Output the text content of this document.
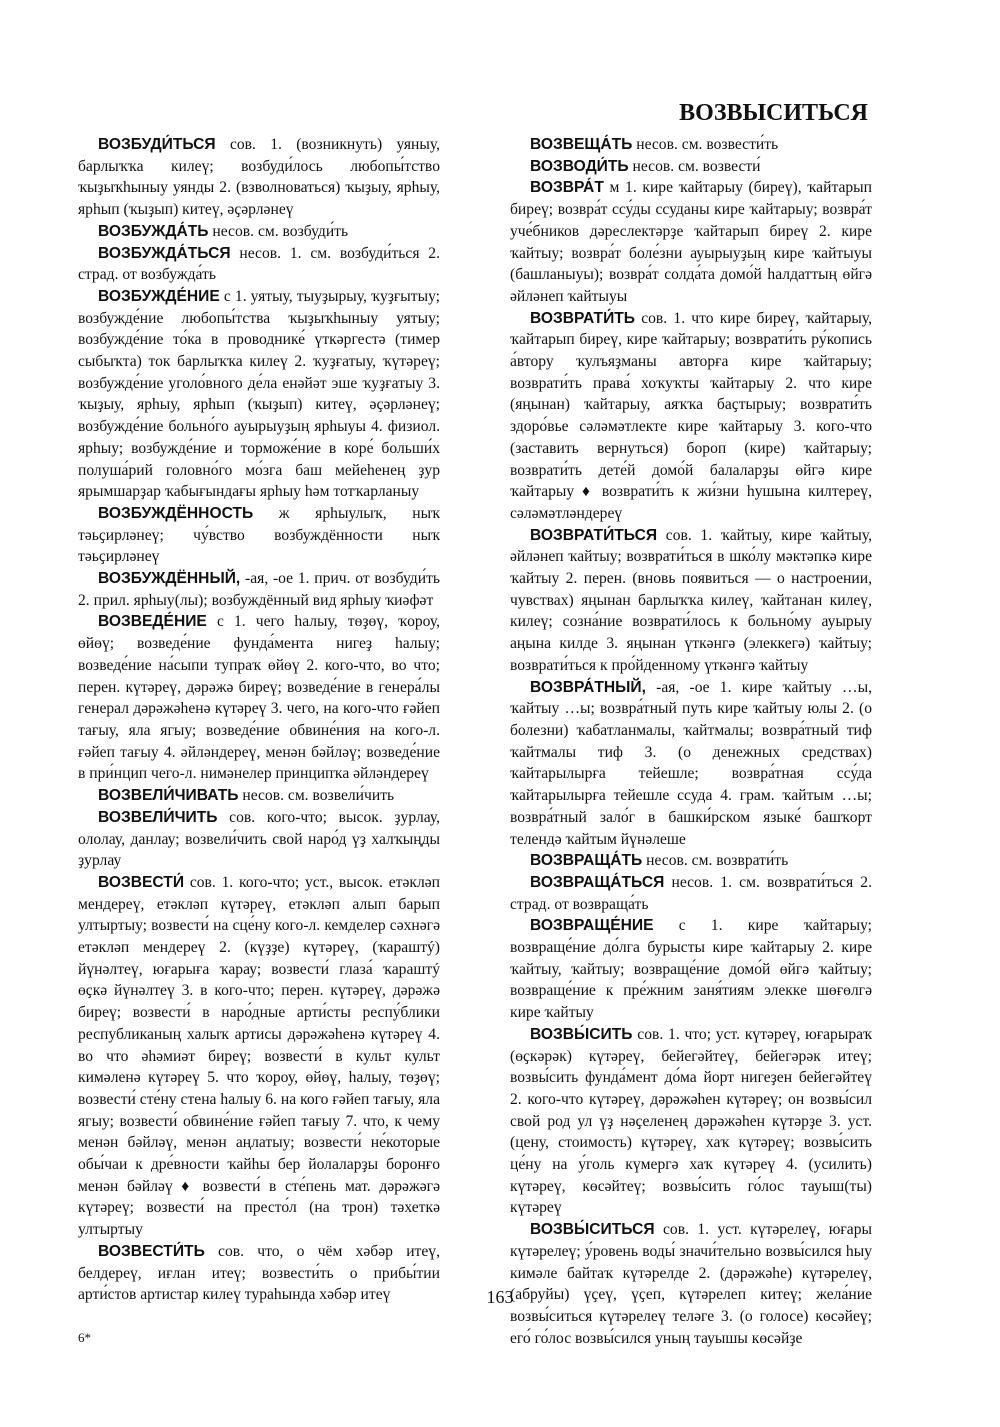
ВОЗВЫСИТЬСЯ

ВОЗБУДИ́ТЬСЯ сов. 1. (возникнуть) уяныу, барлыҡҡа килеү; возбуди́лось любопы́тство ҡыҙыҡһыныу уянды 2. (взволноваться) ҡыҙыу, ярһыу, ярһып (ҡыҙып) китеү, әҫәрләнеү

ВОЗБУЖДА́ТЬ несов. см. возбуди́ть

ВОЗБУЖДА́ТЬСЯ несов. 1. см. возбуди́ться 2. страд. от возбужда́ть

ВОЗБУЖДЕ́НИЕ с 1. уятыу, тыуҙырыу, ҡуҙғытыу; возбужде́ние любопы́тства ҡыҙыҡһыныу уятыу; возбужде́ние то́ка в проводнике́ үткәргестә (тимер сыбыҡта) ток барлыҡҡа килеү 2. ҡуҙғатыу, ҡүтәреү; возбужде́ние уголо́вного де́ла енәйәт эше ҡуҙғатыу 3. ҡыҙыу, ярһыу, ярһып (ҡыҙып) китеү, әҫәрләнеү; возбужде́ние больно́го ауырыуҙың ярһыуы 4. физиол. ярһыу; возбужде́ние и торможе́ние в коре́ больши́х полуша́рий головно́го мо́зга баш мейеһенең ҙур ярымшарҙар ҡабығындағы ярһыу һәм тотҡарланыу

ВОЗБУЖДЁННОСТЬ ж ярһыулыҡ, ныҡ тәьҫирләнеү; чу́вство возбуждённости ныҡ тәьҫирләнеү

ВОЗБУЖДЁННЫЙ, -ая, -ое 1. прич. от возбуди́ть 2. прил. ярһыу(лы); возбуждённый вид ярһыу ҡиәфәт

ВОЗВЕДЕ́НИЕ с 1. чего һалыу, төҙөү, ҡороу, өйөү; возведе́ние фунда́мента нигеҙ һалыу; возведе́ние на́сыпи тупраҡ өйөү 2. кого-что, во что; перен. күтәреү, дәрәжә биреү; возведе́ние в генера́лы генерал дәрәжәһенә күтәреү 3. чего, на кого-что ғәйеп тағыу, яла ягыу; возведе́ние обвине́ния на кого-л. ғәйеп тағыу 4. әйләндереү, менән бәйләү; возведе́ние в при́нцип чего-л. нимәнелер принципҡа әйләндереү

ВОЗВЕЛИ́ЧИВАТЬ несов. см. возвели́чить

ВОЗВЕЛИ́ЧИТЬ сов. кого-что; высок. ҙурлау, ололау, данлау; возвели́чить свой наро́д үҙ халҡыңды ҙурлау

ВОЗВЕСТИ́ сов. 1. кого-что; уст., высок. етәкләп мендереү, етәкләп күтәреү, етәкләп алып барып ултыртыу; возвести́ на сце́ну кого-л. кемделер сәхнәгә етәкләп мендереү 2. (күҙҙе) күтәреү, (ҡараштý) йүнәлтеү, юғарыға ҡарау; возвести́ глаза́ ҡараштý өҫкә йүнәлтеү 3. в кого-что; перен. күтәреү, дәрәжә биреү; возвести́ в наро́дные арти́сты респу́блики республиканың халыҡ артисы дәрәжәһенә күтәреү 4. во что әһәмиәт биреү; возвести́ в культ культ кимәленә күтәреү 5. что ҡороу, өйөү, һалыу, төҙөү; возвести́ сте́ну стена һалыу 6. на кого ғәйеп тағыу, яла ягыу; возвести́ обвине́ние ғәйеп тағыу 7. что, к чему менән бәйләү, менән аңлатыу; возвести́ не́которые обы́чаи к дре́вности ҡайһы бер йолаларҙы боронғо менән бәйләү ♦ возвести́ в сте́пень мат. дәрәжәгә күтәреү; возвести́ на престо́л (на трон) тәхеткә ултыртыу

ВОЗВЕСТИ́ТЬ сов. что, о чём хәбәр итеү, белдереү, иғлан итеү; возвести́ть о прибы́тии арти́стов артистар килеү тураһында хәбәр итеү

ВОЗВЕЩА́ТЬ несов. см. возвести́ть

ВОЗВОДИ́ТЬ несов. см. возвести́

ВОЗВРА́Т м 1. кире ҡайтарыу (биреү), ҡайтарып биреү; возвра́т ссу́ды ссуданы кире ҡайтарыу; возвра́т уче́бников дәреслектәрҙе ҡайтарып биреү 2. кире ҡайтыу; возвра́т боле́зни ауырыуҙың кире ҡайтыуы (башланыуы); возвра́т солда́та домо́й һалдаттың өйгә әйләнеп ҡайтыуы

ВОЗВРАТИ́ТЬ сов. 1. что кире биреү, ҡайтарыу, ҡайтарып биреү, кире ҡайтарыу; возврати́ть ру́копись а́втору ҡулъяҙманы авторға кире ҡайтарыу; возврати́ть права́ хоҡуҡты ҡайтарыу 2. что кире (яңынан) ҡайтарыу, аяҡҡа баҫтырыу; возврати́ть здоро́вье сәләмәтлекте кире ҡайтарыу 3. кого-что (заставить вернуться) бороп (кире) ҡайтарыу; возврати́ть дете́й домо́й балаларҙы өйгә кире ҡайтарыу ♦ возврати́ть к жи́зни һушына килтереү, сәләмәтләндереү

ВОЗВРАТИ́ТЬСЯ сов. 1. ҡайтыу, кире ҡайтыу, әйләнеп ҡайтыу; возврати́ться в шко́лу мәктәпкә кире ҡайтыу 2. перен. (вновь появиться — о настроении, чувствах) яңынан барлыҡҡа килеү, ҡайтанан килеү, килеү; созна́ние возврати́лось к больно́му ауырыу аңына килде 3. яңынан үткәнгә (элеккегә) ҡайтыу; возврати́ться к про́йденному үткәнгә ҡайтыу

ВОЗВРА́ТНЫЙ, -ая, -ое 1. кире ҡайтыу …ы, ҡайтыу …ы; возвра́тный путь кире ҡайтыу юлы 2. (о болезни) ҡабатланмалы, ҡайтмалы; возвра́тный тиф ҡайтмалы тиф 3. (о денежных средствах) ҡайтарылырға тейешле; возвра́тная ссу́да ҡайтарылырға тейешле ссуда 4. грам. ҡайтым …ы; возвра́тный зало́г в башки́рском языке́ башҡорт телендә ҡайтым йүнәлеше

ВОЗВРАЩА́ТЬ несов. см. возврати́ть

ВОЗВРАЩА́ТЬСЯ несов. 1. см. возврати́ться 2. страд. от возвраща́ть

ВОЗВРАЩЕ́НИЕ с 1. кире ҡайтарыу; возвраще́ние до́лга бурысты кире ҡайтарыу 2. кире ҡайтыу, ҡайтыу; возвраще́ние домо́й өйгә ҡайтыу; возвраще́ние к пре́жним заня́тиям элекке шөғөлгә кире ҡайтыу

ВОЗВЫ́СИТЬ сов. 1. что; уст. күтәреү, юғарыраҡ (өҫкәрәк) күтәреү, бейегәйтеү, бейегәрәк итеү; возвы́сить фунда́мент до́ма йорт нигеҙен бейегәйтеү 2. кого-что күтәреү, дәрәжәһен күтәреү; он возвы́сил свой род ул үҙ нәҫеленең дәрәжәһен күтәрҙе 3. уст. (цену, стоимость) күтәреү, хаҡ күтәреү; возвы́сить це́ну на у́голь күмергә хаҡ күтәреү 4. (усилить) күтәреү, көсәйтеү; возвы́сить го́лос тауыш(ты) күтәреү

ВОЗВЫ́СИТЬСЯ сов. 1. уст. күтәрелеү, юғары күтәрелеү; у́ровень воды́ значи́тельно возвы́сился һыу кимәле байтаҡ күтәрелде 2. (дәрәжәһе) күтәрелеү, (абруйы) үҫеү, үҫеп, күтәрелеп китеү; жела́ние возвы́ситься күтәрелеү теләге 3. (о голосе) көсәйеү; его́ го́лос возвы́сился уның тауышы көсәйҙе

163
6*
